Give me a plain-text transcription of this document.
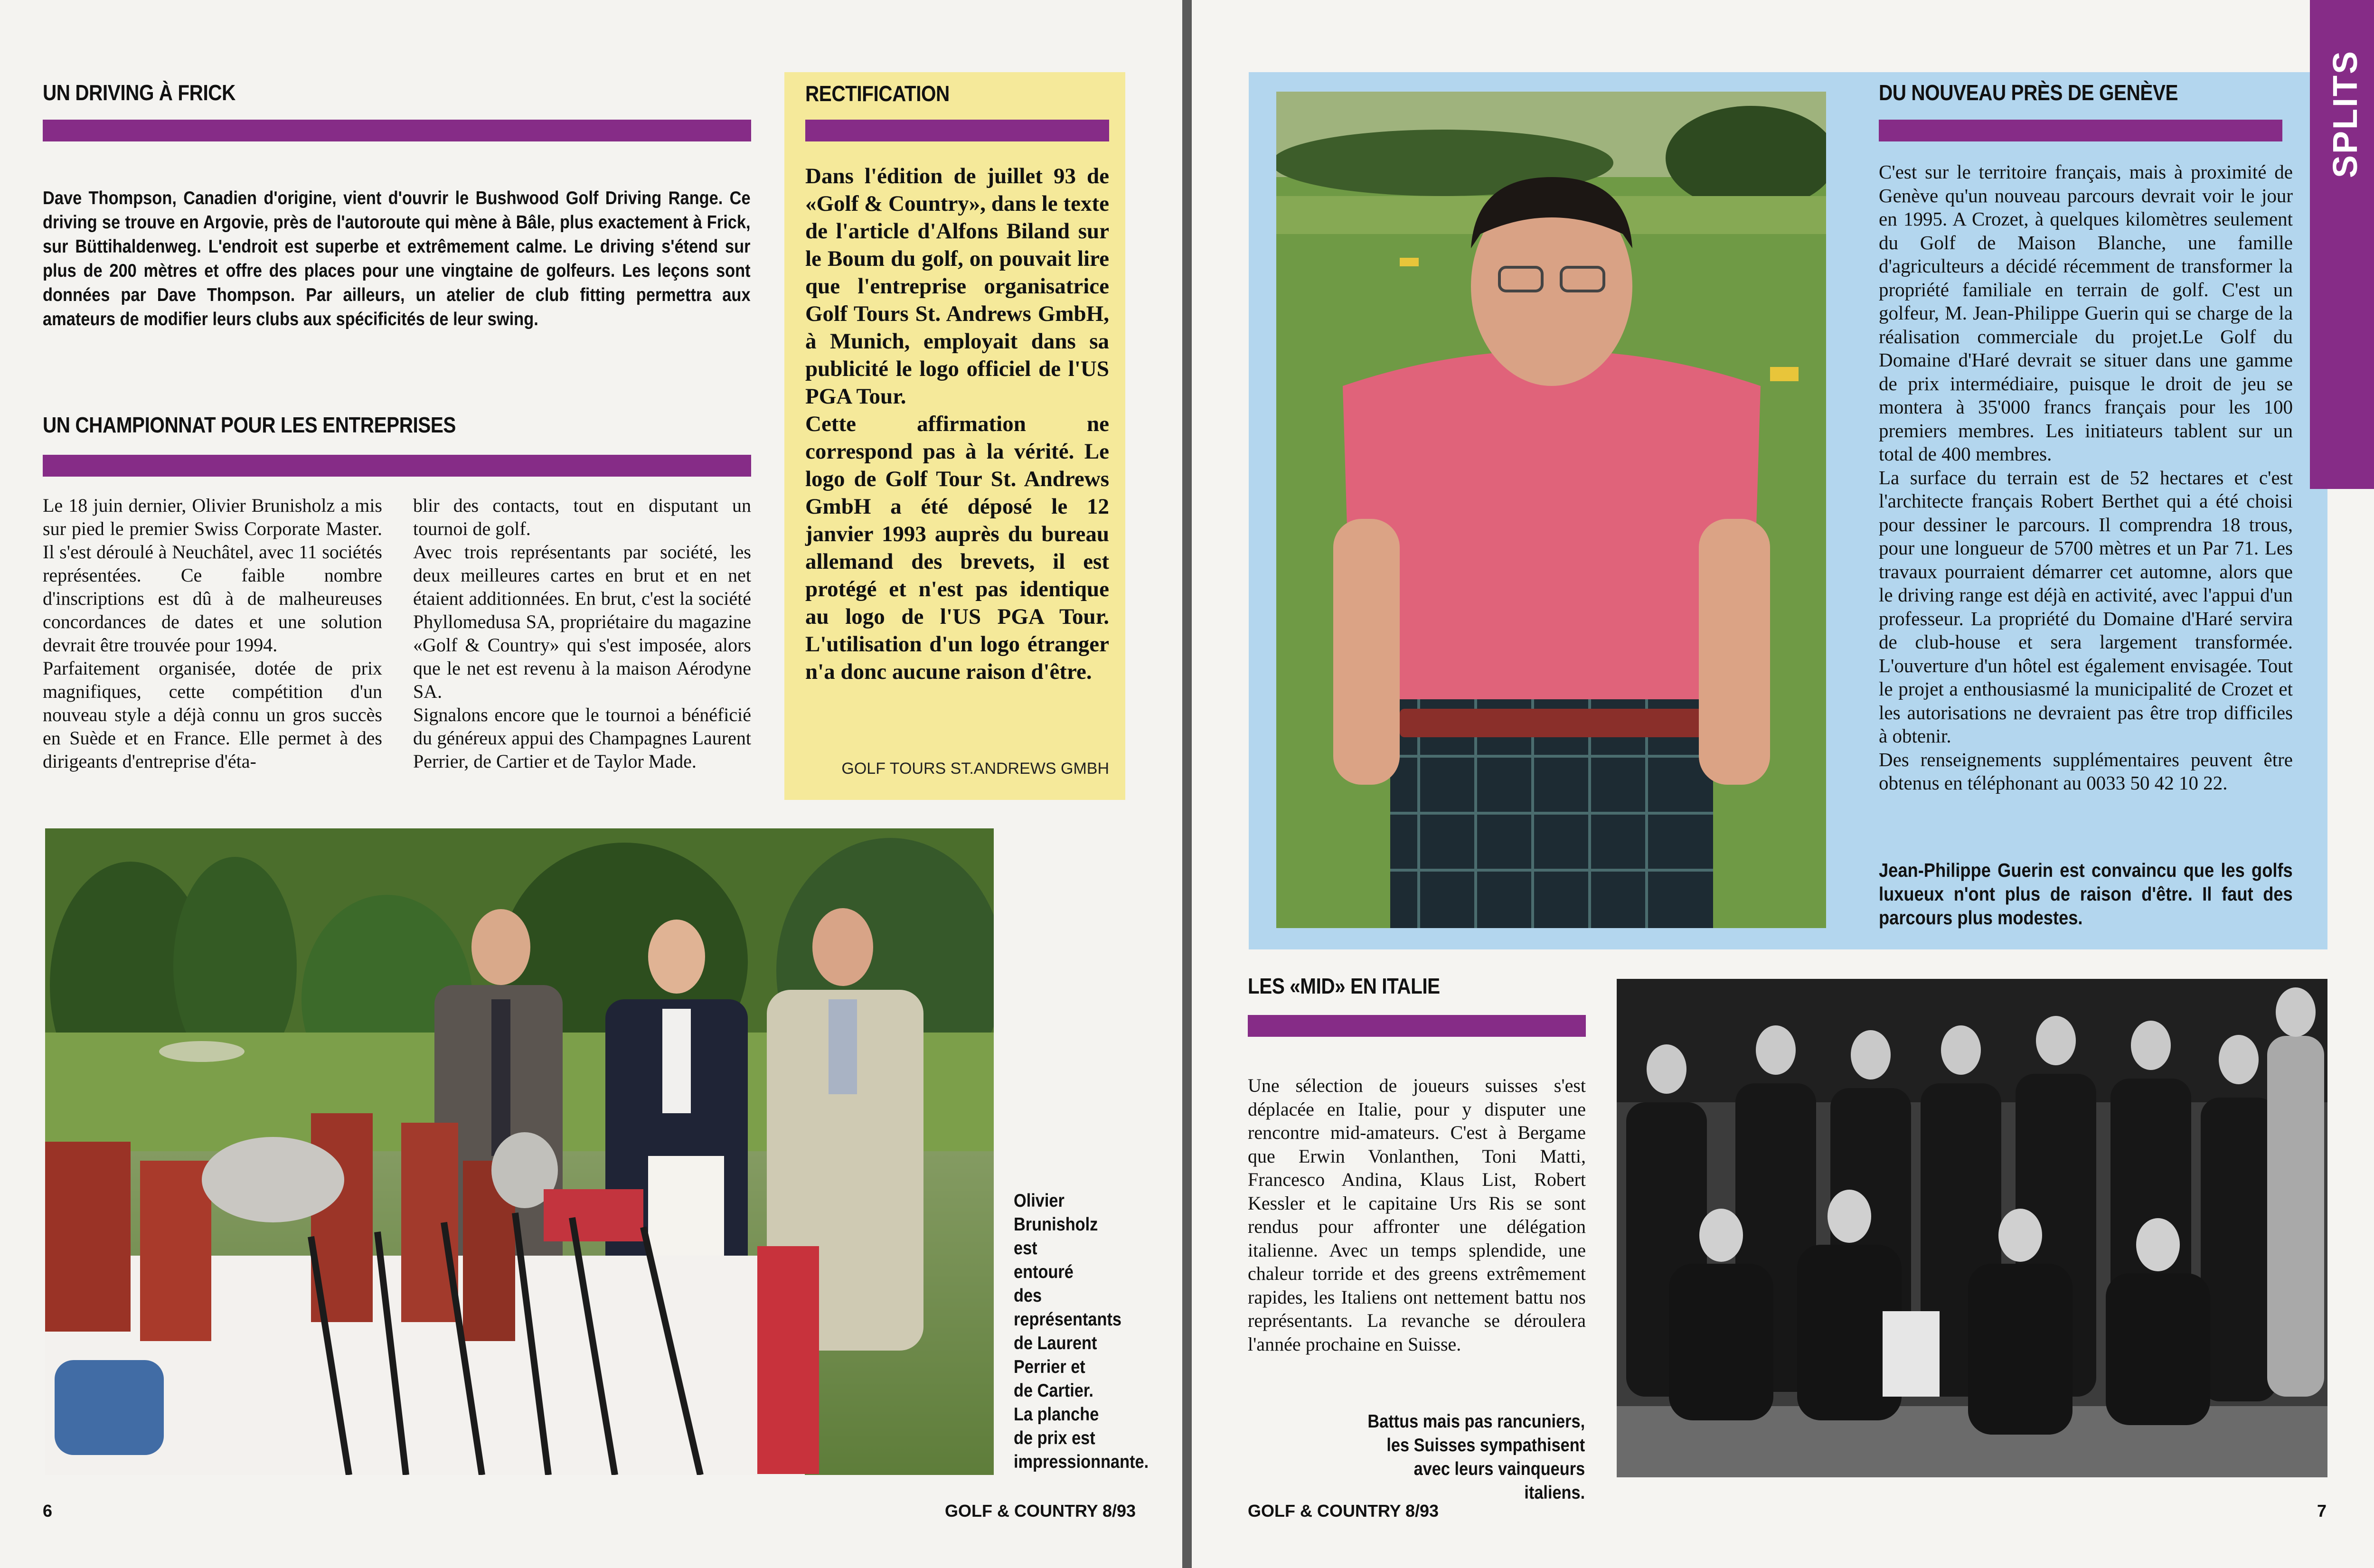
UN DRIVING À FRICK
Dave Thompson, Canadien d'origine, vient d'ouvrir le Bushwood Golf Driving Range. Ce driving se trouve en Argovie, près de l'autoroute qui mène à Bâle, plus exactement à Frick, sur Büttihaldenweg. L'endroit est superbe et extrêmement calme. Le driving s'étend sur plus de 200 mètres et offre des places pour une vingtaine de golfeurs. Les leçons sont données par Dave Thompson. Par ailleurs, un atelier de club fitting permettra aux amateurs de modifier leurs clubs aux spécificités de leur swing.
UN CHAMPIONNAT POUR LES ENTREPRISES
Le 18 juin dernier, Olivier Brunisholz a mis sur pied le premier Swiss Corporate Master. Il s'est déroulé à Neuchâtel, avec 11 sociétés représentées. Ce faible nombre d'inscriptions est dû à de malheureuses concordances de dates et une solution devrait être trouvée pour 1994.
Parfaitement organisée, dotée de prix magnifiques, cette compétition d'un nouveau style a déjà connu un gros succès en Suède et en France. Elle permet à des dirigeants d'entreprise d'éta-
blir des contacts, tout en disputant un tournoi de golf.
Avec trois représentants par société, les deux meilleures cartes en brut et en net étaient additionnées. En brut, c'est la société Phyllomedusa SA, propriétaire du magazine «Golf & Country» qui s'est imposée, alors que le net est revenu à la maison Aérodyne SA.
Signalons encore que le tournoi a bénéficié du généreux appui des Champagnes Laurent Perrier, de Cartier et de Taylor Made.
RECTIFICATION
Dans l'édition de juillet 93 de «Golf & Country», dans le texte de l'article d'Alfons Biland sur le Boum du golf, on pouvait lire que l'entreprise organisatrice Golf Tours St. Andrews GmbH, à Munich, employait dans sa publicité le logo officiel de l'US PGA Tour.
Cette affirmation ne correspond pas à la vérité. Le logo de Golf Tour St. Andrews GmbH a été déposé le 12 janvier 1993 auprès du bureau allemand des brevets, il est protégé et n'est pas identique au logo de l'US PGA Tour. L'utilisation d'un logo étranger n'a donc aucune raison d'être.
GOLF TOURS ST.ANDREWS GMBH
Olivier Brunisholz est entouré des représentants de Laurent Perrier et de Cartier. La planche de prix est impressionnante.
6	GOLF & COUNTRY 8/93
DU NOUVEAU PRÈS DE GENÈVE
C'est sur le territoire français, mais à proximité de Genève qu'un nouveau parcours devrait voir le jour en 1995. A Crozet, à quelques kilomètres seulement du Golf de Maison Blanche, une famille d'agriculteurs a décidé récemment de transformer la propriété familiale en terrain de golf. C'est un golfeur, M. Jean-Philippe Guerin qui se charge de la réalisation commerciale du projet.Le Golf du Domaine d'Haré devrait se situer dans une gamme de prix intermédiaire, puisque le droit de jeu se montera à 35'000 francs français pour les 100 premiers membres. Les initiateurs tablent sur un total de 400 membres.
La surface du terrain est de 52 hectares et c'est l'architecte français Robert Berthet qui a été choisi pour dessiner le parcours. Il comprendra 18 trous, pour une longueur de 5700 mètres et un Par 71. Les travaux pourraient démarrer cet automne, alors que le driving range est déjà en activité, avec l'appui d'un professeur. La propriété du Domaine d'Haré servira de club-house et sera largement transformée. L'ouverture d'un hôtel est également envisagée. Tout le projet a enthousiasmé la municipalité de Crozet et les autorisations ne devraient pas être trop difficiles à obtenir.
Des renseignements supplémentaires peuvent être obtenus en téléphonant au 0033 50 42 10 22.
Jean-Philippe Guerin est convaincu que les golfs luxueux n'ont plus de raison d'être. Il faut des parcours plus modestes.
SPLITS
LES «MID» EN ITALIE
Une sélection de joueurs suisses s'est déplacée en Italie, pour y disputer une rencontre mid-amateurs. C'est à Bergame que Erwin Vonlanthen, Toni Matti, Francesco Andina, Klaus List, Robert Kessler et le capitaine Urs Ris se sont rendus pour affronter une délégation italienne. Avec un temps splendide, une chaleur torride et des greens extrêmement rapides, les Italiens ont nettement battu nos représentants. La revanche se déroulera l'année prochaine en Suisse.
Battus mais pas rancuniers, les Suisses sympathisent avec leurs vainqueurs italiens.
GOLF & COUNTRY 8/93	7
